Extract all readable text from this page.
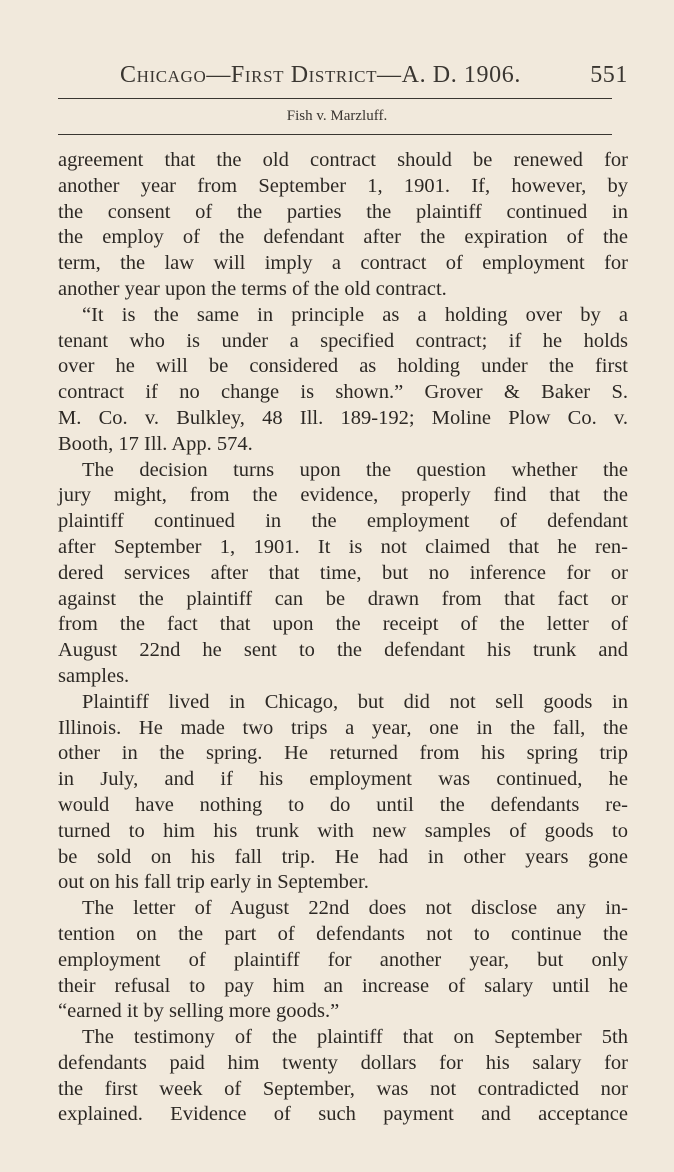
Chicago—First District—A. D. 1906.	551
Fish v. Marzluff.
agreement that the old contract should be renewed for
another year from September 1, 1901. If, however, by
the consent of the parties the plaintiff continued in
the employ of the defendant after the expiration of the
term, the law will imply a contract of employment for
another year upon the terms of the old contract.
“It is the same in principle as a holding over by a
tenant who is under a specified contract; if he holds
over he will be considered as holding under the first
contract if no change is shown.” Grover & Baker S.
M. Co. v. Bulkley, 48 Ill. 189-192; Moline Plow Co. v.
Booth, 17 Ill. App. 574.
The decision turns upon the question whether the
jury might, from the evidence, properly find that the
plaintiff continued in the employment of defendant
after September 1, 1901. It is not claimed that he ren-
dered services after that time, but no inference for or
against the plaintiff can be drawn from that fact or
from the fact that upon the receipt of the letter of
August 22nd he sent to the defendant his trunk and
samples.
Plaintiff lived in Chicago, but did not sell goods in
Illinois. He made two trips a year, one in the fall, the
other in the spring. He returned from his spring trip
in July, and if his employment was continued, he
would have nothing to do until the defendants re-
turned to him his trunk with new samples of goods to
be sold on his fall trip. He had in other years gone
out on his fall trip early in September.
The letter of August 22nd does not disclose any in-
tention on the part of defendants not to continue the
employment of plaintiff for another year, but only
their refusal to pay him an increase of salary until he
“earned it by selling more goods.”
The testimony of the plaintiff that on September 5th
defendants paid him twenty dollars for his salary for
the first week of September, was not contradicted nor
explained. Evidence of such payment and acceptance
